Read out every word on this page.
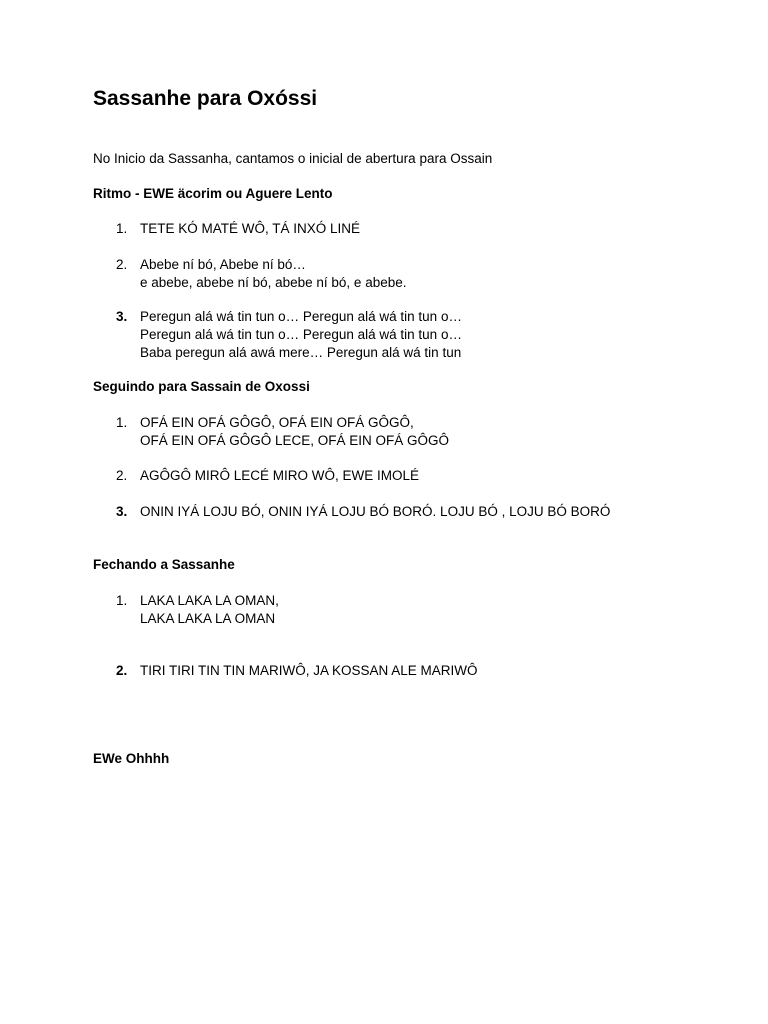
Sassanhe para Oxóssi

No Inicio da Sassanha, cantamos o inicial de abertura para Ossain

Ritmo - EWE äcorim ou Aguere Lento

1. TETE KÓ MATÉ WÔ, TÁ INXÓ LINÉ
2. Abebe ní bó, Abebe ní bó…
e abebe, abebe ní bó, abebe ní bó, e abebe.
3. Peregun alá wá tin tun o… Peregun alá wá tin tun o…
Peregun alá wá tin tun o… Peregun alá wá tin tun o…
Baba peregun alá awá mere… Peregun alá wá tin tun

Seguindo para Sassain de Oxossi

1. OFÁ EIN OFÁ GÔGÔ, OFÁ EIN OFÁ GÔGÔ,
OFÁ EIN OFÁ GÔGÔ LECE, OFÁ EIN OFÁ GÔGÔ
2. AGÔGÔ MIRÔ LECÉ MIRO WÔ, EWE IMOLÉ
3. ONIN IYÁ LOJU BÓ, ONIN IYÁ LOJU BÓ BORÓ. LOJU BÓ , LOJU BÓ BORÓ

Fechando a Sassanhe

1. LAKA LAKA LA OMAN,
LAKA LAKA LA OMAN
2. TIRI TIRI TIN TIN MARIWÔ, JA KOSSAN ALE MARIWÔ

EWe Ohhhh
